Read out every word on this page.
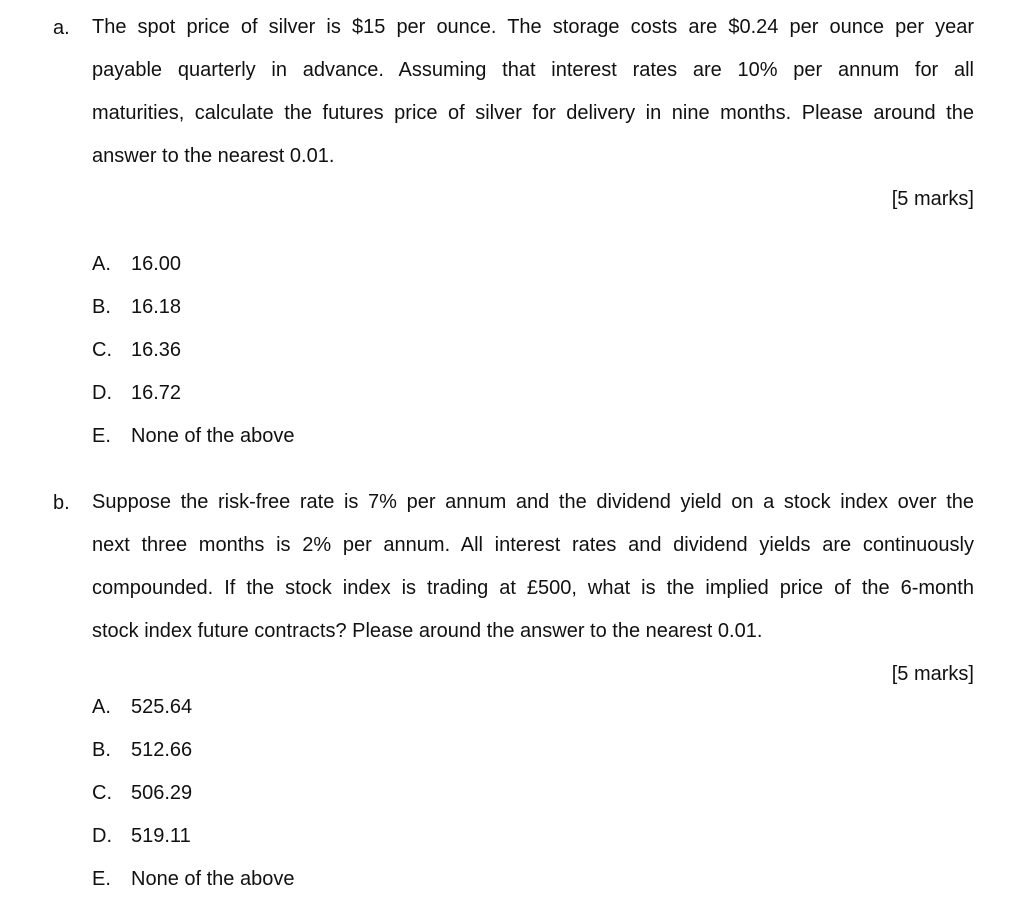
a. The spot price of silver is $15 per ounce. The storage costs are $0.24 per ounce per year
payable quarterly in advance. Assuming that interest rates are 10% per annum for all
maturities, calculate the futures price of silver for delivery in nine months. Please around the
answer to the nearest 0.01.
[5 marks]
A.	16.00
B.	16.18
C. 16.36
D. 16.72
E.	None of the above
b. Suppose the risk-free rate is 7% per annum and the dividend yield on a stock index over the
next three months is 2% per annum. All interest rates and dividend yields are continuously
compounded. If the stock index is trading at £500, what is the implied price of the 6-month
stock index future contracts? Please around the answer to the nearest 0.01.
[5 marks]
A.	525.64
B.	512.66
C. 506.29
D. 519.11
E.	None of the above
